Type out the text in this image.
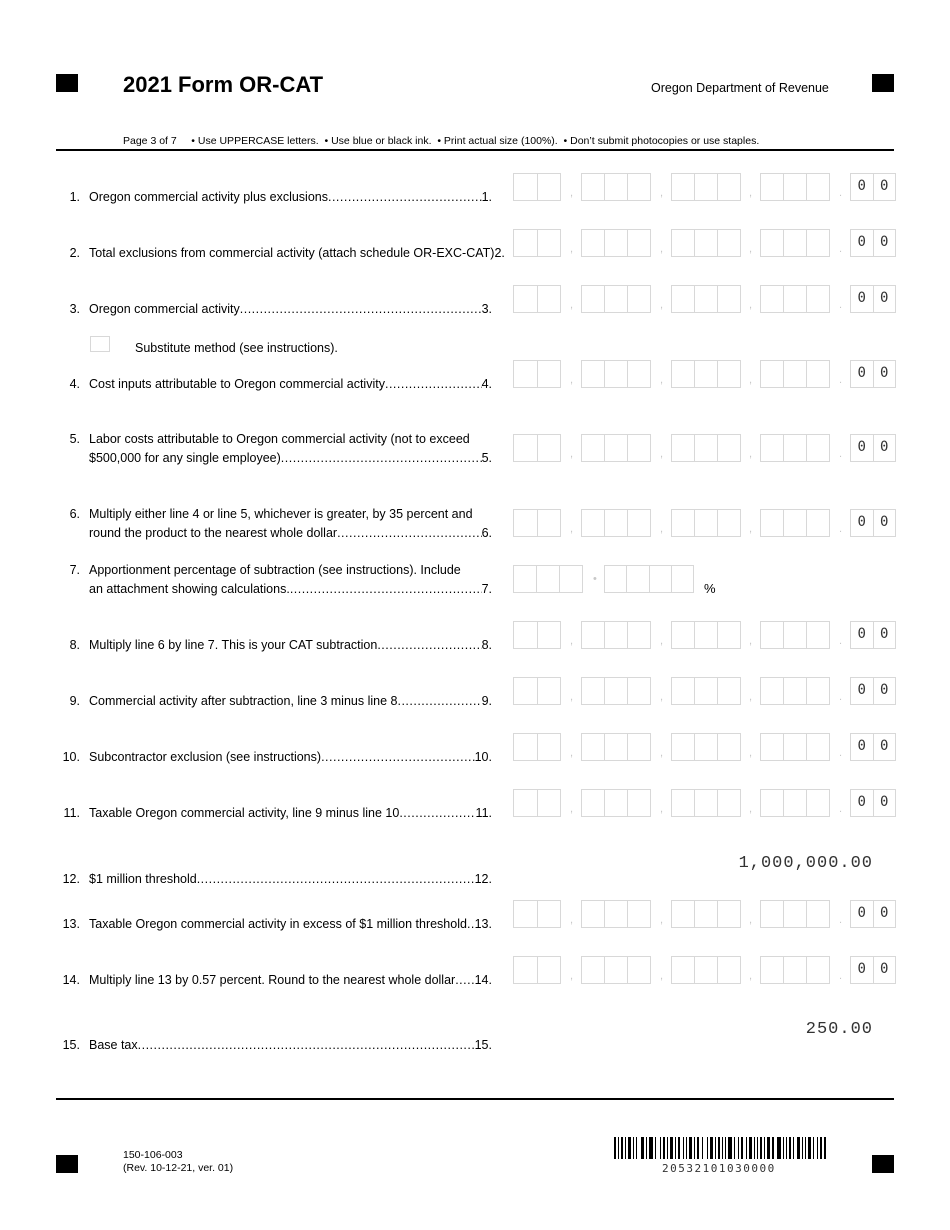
2021 Form OR-CAT	Oregon Department of Revenue
Page 3 of 7     • Use UPPERCASE letters.  • Use blue or black ink.  • Print actual size (100%).  • Don’t submit photocopies or use staples.
1. Oregon commercial activity plus exclusions .....	1.	,	,	,	.	0	0
2. Total exclusions from commercial activity (attach schedule OR-EXC-CAT) 2.	,	,	,	.	0	0
3. Oregon commercial activity .....	3.	,	,	,	.	0	0
4. Cost inputs attributable to Oregon commercial activity .....	4.	,	,	,	.	0	0
5. Labor costs attributable to Oregon commercial activity (not to exceed
$500,000 for any single employee) .....	5.	,	,	,	.	0	0
6. Multiply either line 4 or line 5, whichever is greater, by 35 percent and
round the product to the nearest whole dollar .....	6.	,	,	,	.	0	0
7. Apportionment percentage of subtraction (see instructions). Include
an attachment showing calculations. .....	7.
•
%
8. Multiply line 6 by line 7. This is your CAT subtraction .....	8.	,	,	,	.	0	0
9. Commercial activity after subtraction, line 3 minus line 8 .....	9.	,	,	,	.	0	0
10. Subcontractor exclusion (see instructions) .....	10.	,	,	,	.	0	0
11. Taxable Oregon commercial activity, line 9 minus line 10 .....	11.	,	,	,	.	0	0
12. $1 million threshold .....	12.
1,000,000.00
13. Taxable Oregon commercial activity in excess of $1 million threshold ..... 13.	,	,	,	.	0	0
14. Multiply line 13 by 0.57 percent. Round to the nearest whole dollar ..... 14.	,	,	,	.	0	0
15. Base tax .....	15.
250.00
Substitute method (see instructions).
150-106-003
(Rev. 10-12-21, ver. 01)	20532101030000
